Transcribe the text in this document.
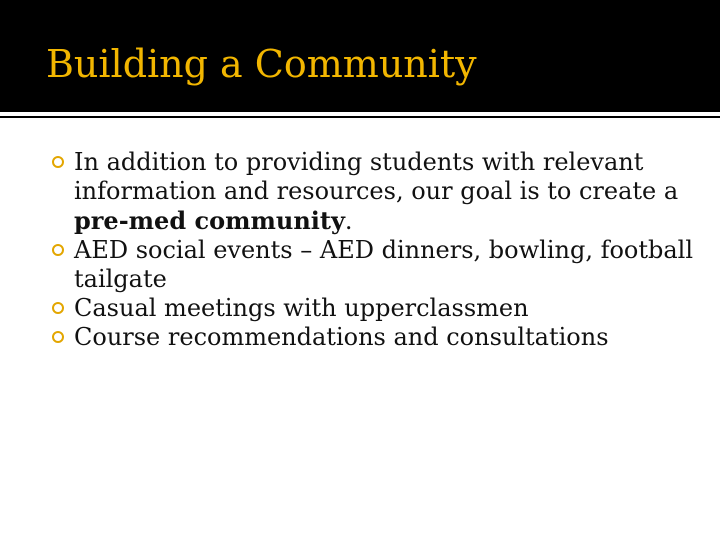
Building a Community
In addition to providing students with relevant information and resources, our goal is to create a pre-med community.
AED social events – AED dinners, bowling, football tailgate
Casual meetings with upperclassmen
Course recommendations and consultations
